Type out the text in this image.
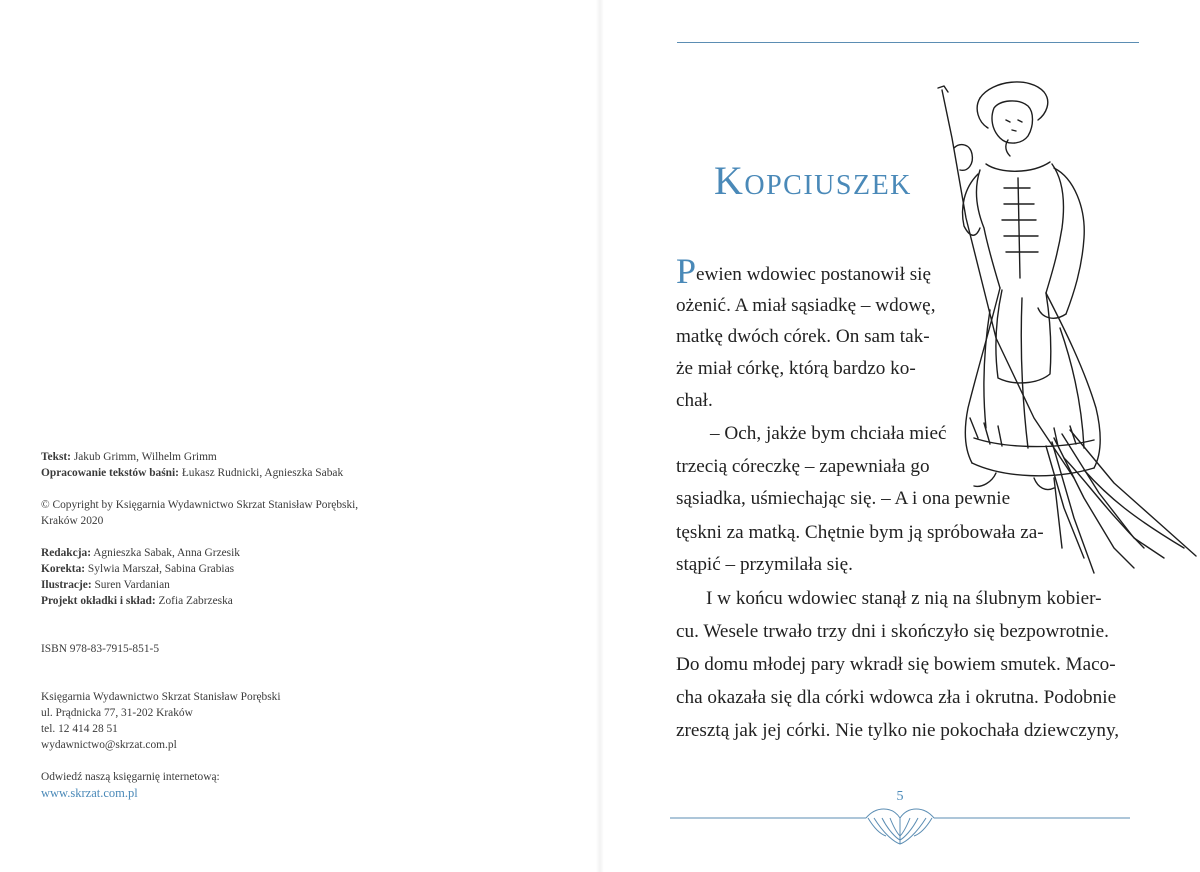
Tekst: Jakub Grimm, Wilhelm Grimm
Opracowanie tekstów baśni: Łukasz Rudnicki, Agnieszka Sabak
© Copyright by Księgarnia Wydawnictwo Skrzat Stanisław Porębski,
Kraków 2020
Redakcja: Agnieszka Sabak, Anna Grzesik
Korekta: Sylwia Marszał, Sabina Grabias
Ilustracje: Suren Vardanian
Projekt okładki i skład: Zofia Zabrzeska
ISBN 978-83-7915-851-5
Księgarnia Wydawnictwo Skrzat Stanisław Porębski
ul. Prądnicka 77, 31-202 Kraków
tel. 12 414 28 51
wydawnictwo@skrzat.com.pl
Odwiedź naszą księgarnię internetową:
www.skrzat.com.pl
Kopciuszek
Pewien wdowiec postanowił się
ożenić. A miał sąsiadkę – wdowę,
matkę dwóch córek. On sam tak-
że miał córkę, którą bardzo ko-
chał.
– Och, jakże bym chciała mieć
trzecią córeczkę – zapewniała go
sąsiadka, uśmiechając się. – A i ona pewnie
tęskni za matką. Chętnie bym ją spróbowała za-
stąpić – przymilała się.
I w końcu wdowiec stanął z nią na ślubnym kobier-
cu. Wesele trwało trzy dni i skończyło się bezpowrotnie.
Do domu młodej pary wkradł się bowiem smutek. Maco-
cha okazała się dla córki wdowca zła i okrutna. Podobnie
zresztą jak jej córki. Nie tylko nie pokochała dziewczyny,
5
